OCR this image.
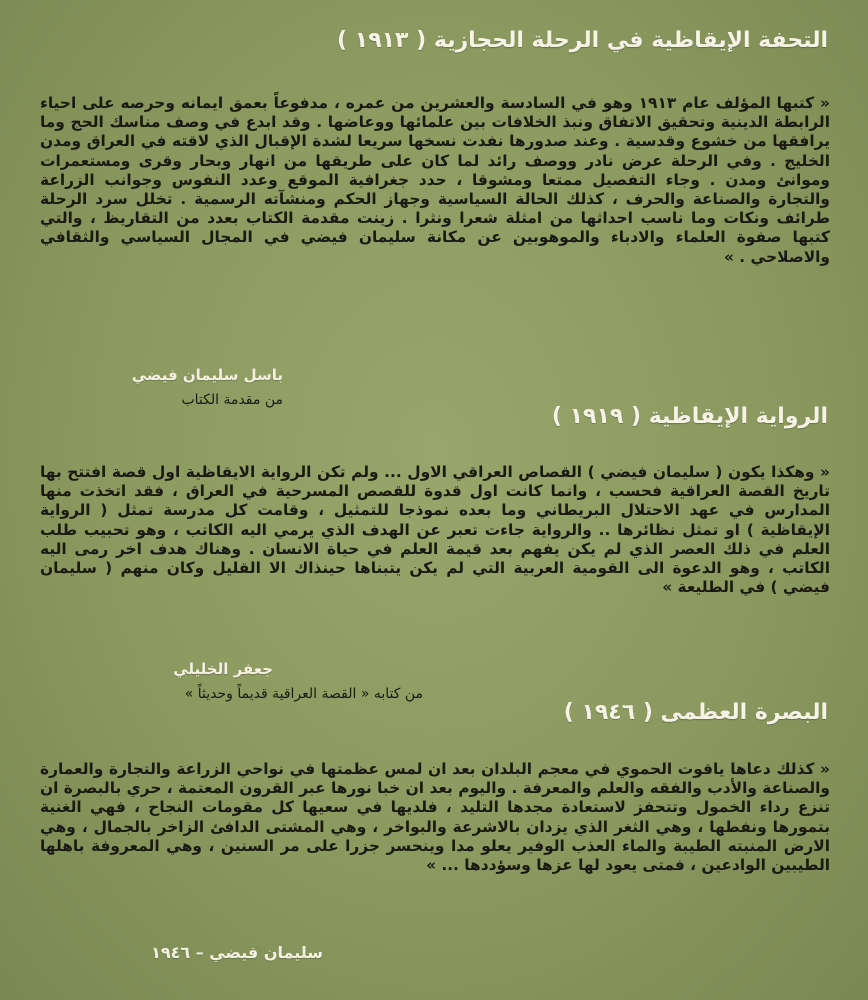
التحفة الإيقاظية في الرحلة الحجازية ( ١٩١٣ )
« كتبها المؤلف عام ١٩١٣ وهو في السادسة والعشرين من عمره ، مدفوعاً بعمق ايمانه وحرصه على احياء الرابطة الدينية وتحقيق الاتفاق ونبذ الخلافات بين علمائها ووعاضها . وقد ابدع في وصف مناسك الحج وما يرافقها من خشوع وقدسية . وعند صدورها نفدت نسخها سريعا لشدة الإقبال الذي لاقته في العراق ومدن الخليج . وفي الرحلة عرض نادر ووصف رائد لما كان على طريقها من انهار وبحار وقرى ومستعمرات وموانئ ومدن . وجاء التفصيل ممتعا ومشوقا ، حدد جغرافية الموقع وعدد النفوس وجوانب الزراعة والتجارة والصناعة والحرف ، كذلك الحالة السياسية وجهاز الحكم ومنشآته الرسمية . تخلل سرد الرحلة طرائف ونكات وما ناسب احداثها من امثلة شعرا ونثرا . زينت مقدمة الكتاب بعدد من التقاريظ ، والتي كتبها صفوة العلماء والادباء والموهوبين عن مكانة سليمان فيضي في المجال السياسي والثقافي والاصلاحي . »
باسل سليمان فيضي
من مقدمة الكتاب
الرواية الإيقاظية ( ١٩١٩ )
« وهكذا يكون ( سليمان فيضي ) القصاص العراقي الاول ... ولم تكن الرواية الايقاظية اول قصة افتتح بها تاريخ القصة العراقية فحسب ، وانما كانت اول قدوة للقصص المسرحية في العراق ، فقد اتخذت منها المدارس في عهد الاحتلال البريطاني وما بعده نموذجا للتمثيل ، وقامت كل مدرسة تمثل ( الرواية الإيقاظية ) او تمثل نظائرها .. والرواية جاءت تعبر عن الهدف الذي يرمي اليه الكاتب ، وهو تحبيب طلب العلم في ذلك العصر الذي لم يكن يفهم بعد قيمة العلم في حياة الانسان . وهناك هدف اخر رمى اليه الكاتب ، وهو الدعوة الى القومية العربية التي لم يكن يتبناها حينذاك الا القليل وكان منهم ( سليمان فيضي ) في الطليعة »
جعفر الخليلي
من كتابه « القصة العراقية قديماً وحديثاً »
البصرة العظمى ( ١٩٤٦ )
« كذلك دعاها ياقوت الحموي في معجم البلدان بعد ان لمس عظمتها في نواحي الزراعة والتجارة والعمارة والصناعة والأدب والفقه والعلم والمعرفة . واليوم بعد ان خبا نورها عبر القرون المعتمة ، حري بالبصرة ان تنزع رداء الخمول وتتحفز لاستعادة مجدها التليد ، فلديها في سعيها كل مقومات النجاح ، فهي الغنية بتمورها ونفطها ، وهي الثغر الذي يزدان بالاشرعة والبواخر ، وهي المشتى الدافئ الزاخر بالجمال ، وهي الارض المنبته الطيبة والماء العذب الوفير يعلو مدا وينحسر جزرا على مر السنين ، وهي المعروفة باهلها الطيبين الوادعين ، فمتى يعود لها عزها وسؤددها ... »
سليمان فيضي – ١٩٤٦
